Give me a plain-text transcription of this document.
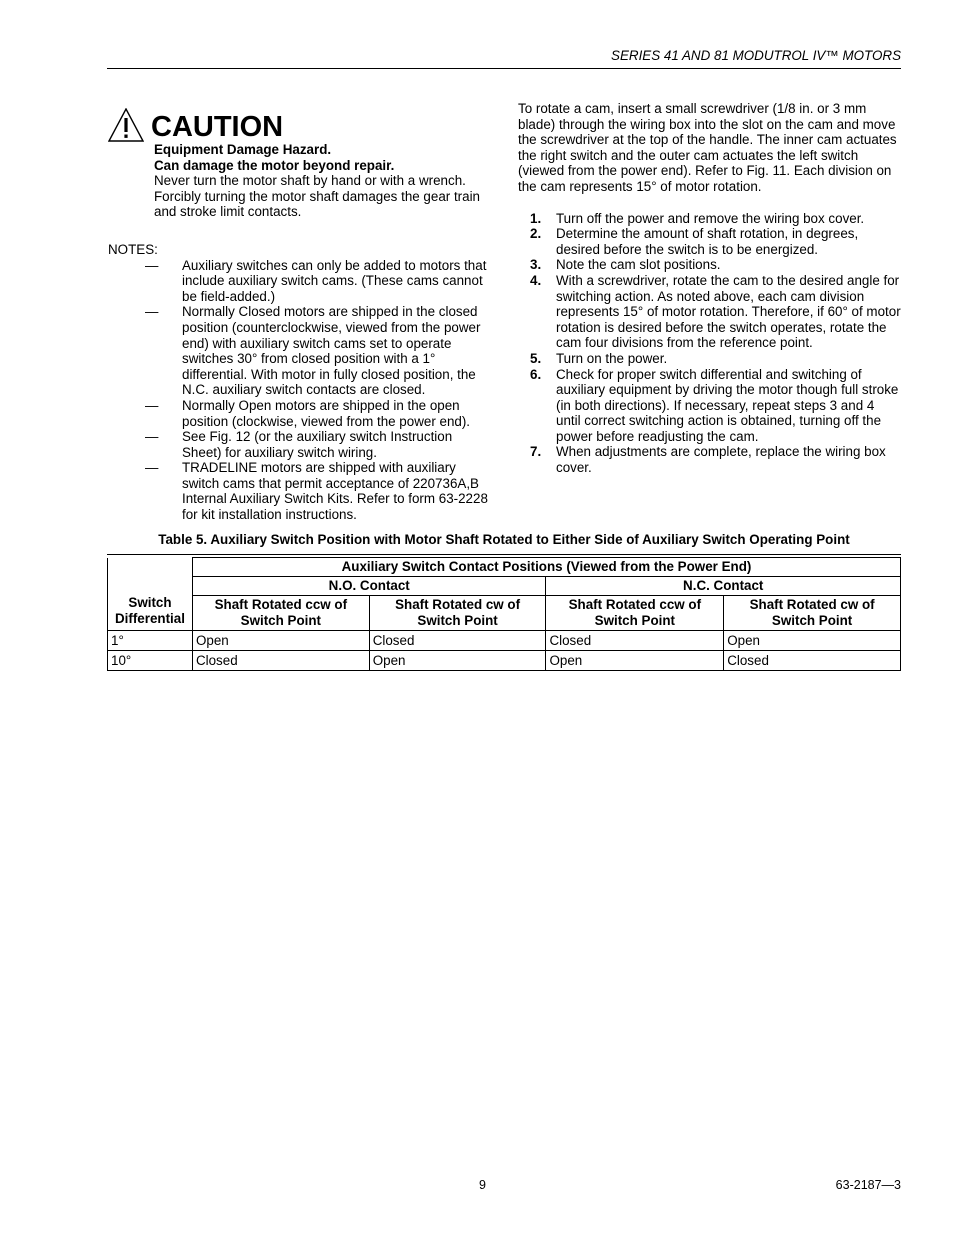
SERIES 41 AND 81 MODUTROL IV™ MOTORS
CAUTION
Equipment Damage Hazard.
Can damage the motor beyond repair.
Never turn the motor shaft by hand or with a wrench. Forcibly turning the motor shaft damages the gear train and stroke limit contacts.
NOTES:
—	Auxiliary switches can only be added to motors that include auxiliary switch cams. (These cams cannot be field-added.)
—	Normally Closed motors are shipped in the closed position (counterclockwise, viewed from the power end) with auxiliary switch cams set to operate switches 30° from closed position with a 1° differential. With motor in fully closed position, the N.C. auxiliary switch contacts are closed.
—	Normally Open motors are shipped in the open position (clockwise, viewed from the power end).
—	See Fig. 12 (or the auxiliary switch Instruction Sheet) for auxiliary switch wiring.
—	TRADELINE motors are shipped with auxiliary switch cams that permit acceptance of 220736A,B Internal Auxiliary Switch Kits. Refer to form 63-2228 for kit installation instructions.

To rotate a cam, insert a small screwdriver (1/8 in. or 3 mm blade) through the wiring box into the slot on the cam and move the screwdriver at the top of the handle. The inner cam actuates the right switch and the outer cam actuates the left switch (viewed from the power end). Refer to Fig. 11. Each division on the cam represents 15° of motor rotation.

1.	Turn off the power and remove the wiring box cover.
2.	Determine the amount of shaft rotation, in degrees, desired before the switch is to be energized.
3.	Note the cam slot positions.
4.	With a screwdriver, rotate the cam to the desired angle for switching action. As noted above, each cam division represents 15° of motor rotation. Therefore, if 60° of motor rotation is desired before the switch operates, rotate the cam four divisions from the reference point.
5.	Turn on the power.
6.	Check for proper switch differential and switching of auxiliary equipment by driving the motor though full stroke (in both directions). If necessary, repeat steps 3 and 4 until correct switching action is obtained, turning off the power before readjusting the cam.
7.	When adjustments are complete, replace the wiring box cover.
Table 5. Auxiliary Switch Position with Motor Shaft Rotated to Either Side of Auxiliary Switch Operating Point
Switch Differential	Auxiliary Switch Contact Positions (Viewed from the Power End)			
	N.O. Contact		N.C. Contact	
	Shaft Rotated ccw of Switch Point	Shaft Rotated cw of Switch Point	Shaft Rotated ccw of Switch Point	Shaft Rotated cw of Switch Point
1°	Open	Closed	Closed	Open
10°	Closed	Open	Open	Closed
9	63-2187—3
